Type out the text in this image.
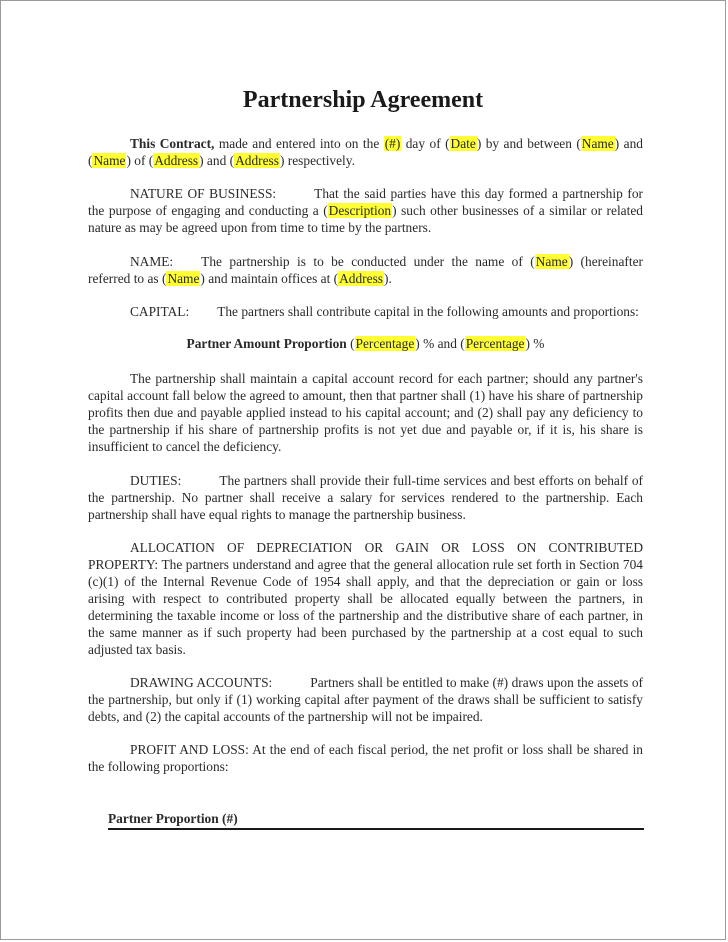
Partnership Agreement

This Contract, made and entered into on the (#) day of (Date) by and between (Name) and (Name) of (Address) and (Address) respectively.

NATURE OF BUSINESS:	That the said parties have this day formed a partnership for the purpose of engaging and conducting a (Description) such other businesses of a similar or related nature as may be agreed upon from time to time by the partners.

NAME: The partnership is to be conducted under the name of (Name) (hereinafter referred to as (Name) and maintain offices at (Address).

CAPITAL: The partners shall contribute capital in the following amounts and proportions:

Partner Amount Proportion (Percentage) % and (Percentage) %

The partnership shall maintain a capital account record for each partner; should any partner's capital account fall below the agreed to amount, then that partner shall (1) have his share of partnership profits then due and payable applied instead to his capital account; and (2) shall pay any deficiency to the partnership if his share of partnership profits is not yet due and payable or, if it is, his share is insufficient to cancel the deficiency.

DUTIES:	The partners shall provide their full-time services and best efforts on behalf of the partnership. No partner shall receive a salary for services rendered to the partnership. Each partnership shall have equal rights to manage the partnership business.

ALLOCATION OF DEPRECIATION OR GAIN OR LOSS ON CONTRIBUTED PROPERTY: The partners understand and agree that the general allocation rule set forth in Section 704 (c)(1) of the Internal Revenue Code of 1954 shall apply, and that the depreciation or gain or loss arising with respect to contributed property shall be allocated equally between the partners, in determining the taxable income or loss of the partnership and the distributive share of each partner, in the same manner as if such property had been purchased by the partnership at a cost equal to such adjusted tax basis.

DRAWING ACCOUNTS:	Partners shall be entitled to make (#) draws upon the assets of the partnership, but only if (1) working capital after payment of the draws shall be sufficient to satisfy debts, and (2) the capital accounts of the partnership will not be impaired.

PROFIT AND LOSS: At the end of each fiscal period, the net profit or loss shall be shared in the following proportions:

Partner Proportion (#)
